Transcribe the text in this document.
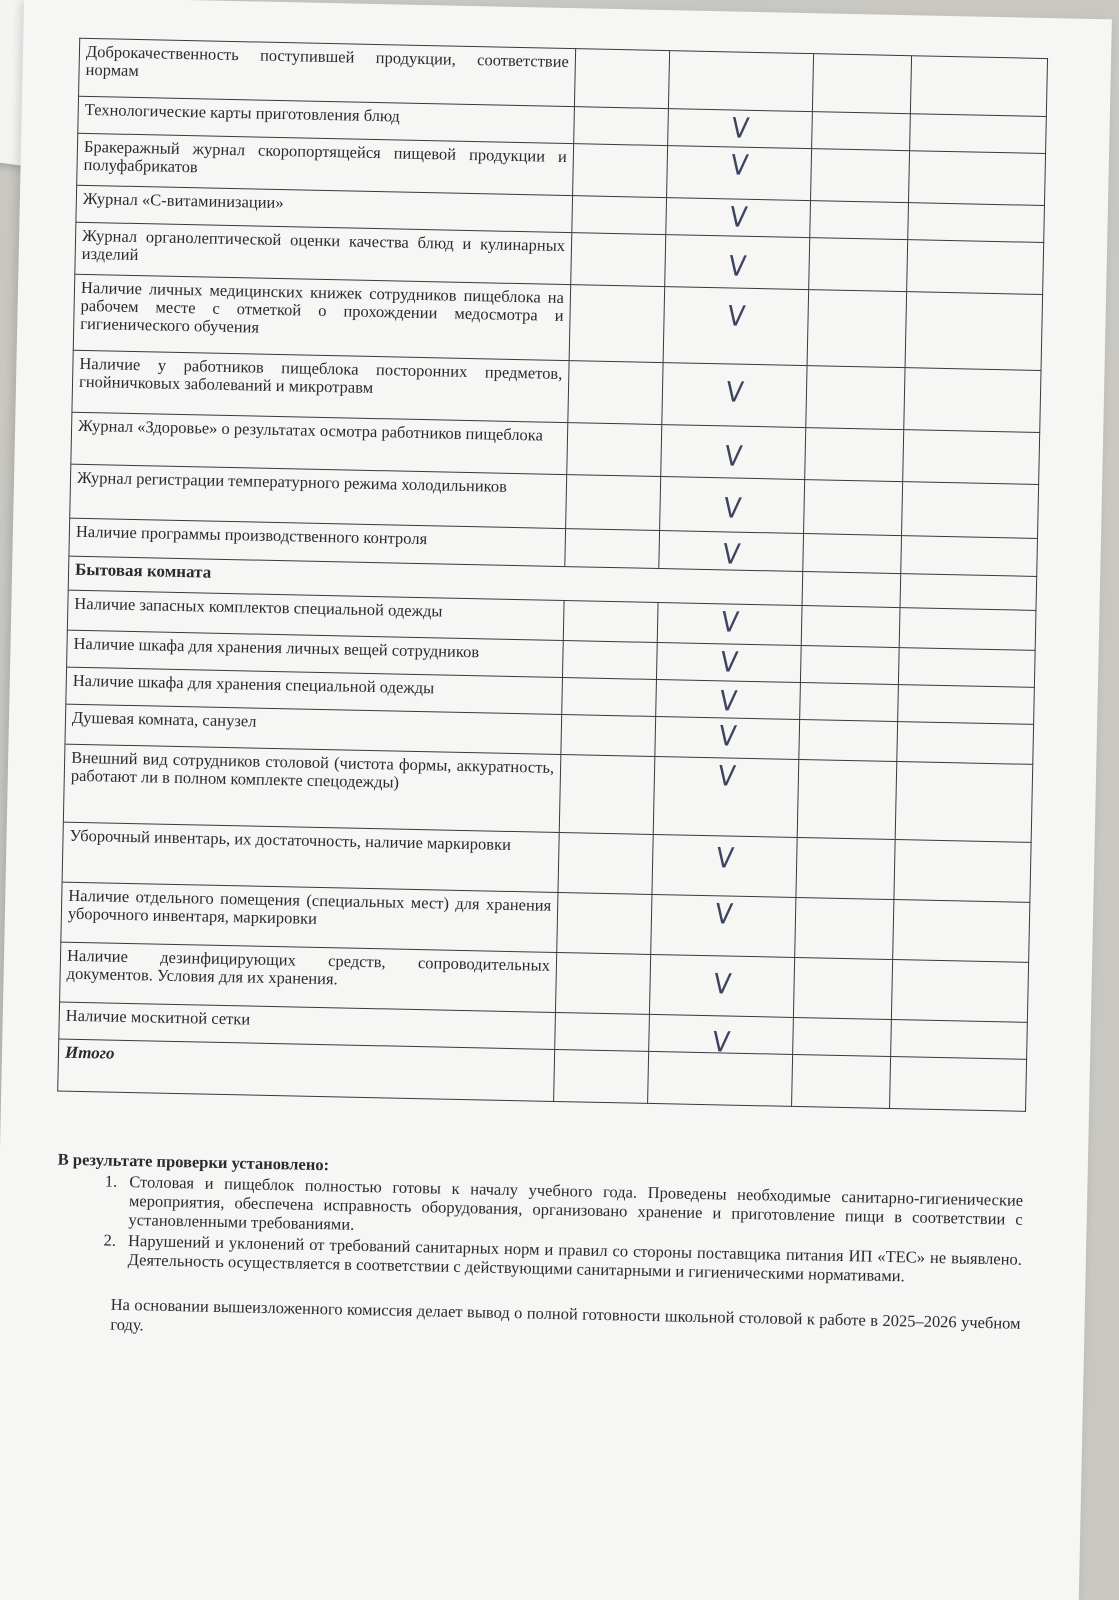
Доброкачественность поступившей продукции, соответствие нормам				
Технологические карты приготовления блюд		V		
Бракеражный журнал скоропортящейся пищевой продукции и полуфабрикатов		V		
Журнал «С-витаминизации»		V		
Журнал органолептической оценки качества блюд и кулинарных изделий		V		
Наличие личных медицинских книжек сотрудников пищеблока на рабочем месте с отметкой о прохождении медосмотра и гигиенического обучения		V		
Наличие у работников пищеблока посторонних предметов, гнойничковых заболеваний и микротравм		V		
Журнал «Здоровье» о результатах осмотра работников пищеблока		V		
Журнал регистрации температурного режима холодильников		V		
Наличие программы производственного контроля		V		
Бытовая комната				
Наличие запасных комплектов специальной одежды		V		
Наличие шкафа для хранения личных вещей сотрудников		V		
Наличие шкафа для хранения специальной одежды		V		
Душевая комната, санузел		V		
Внешний вид сотрудников столовой (чистота формы, аккуратность, работают ли в полном комплекте спецодежды)		V		
Уборочный инвентарь, их достаточность, наличие маркировки		V		
Наличие отдельного помещения (специальных мест) для хранения уборочного инвентаря, маркировки		V		
Наличие дезинфицирующих средств, сопроводительных документов. Условия для их хранения.		V		
Наличие москитной сетки		V		
Итого				
В результате проверки установлено:
1. Столовая и пищеблок полностью готовы к началу учебного года. Проведены необходимые санитарно-гигиенические мероприятия, обеспечена исправность оборудования, организовано хранение и приготовление пищи в соответствии с установленными требованиями.
2. Нарушений и уклонений от требований санитарных норм и правил со стороны поставщика питания ИП «ТЕС» не выявлено. Деятельность осуществляется в соответствии с действующими санитарными и гигиеническими нормативами.
На основании вышеизложенного комиссия делает вывод о полной готовности школьной столовой к работе в 2025–2026 учебном году.
